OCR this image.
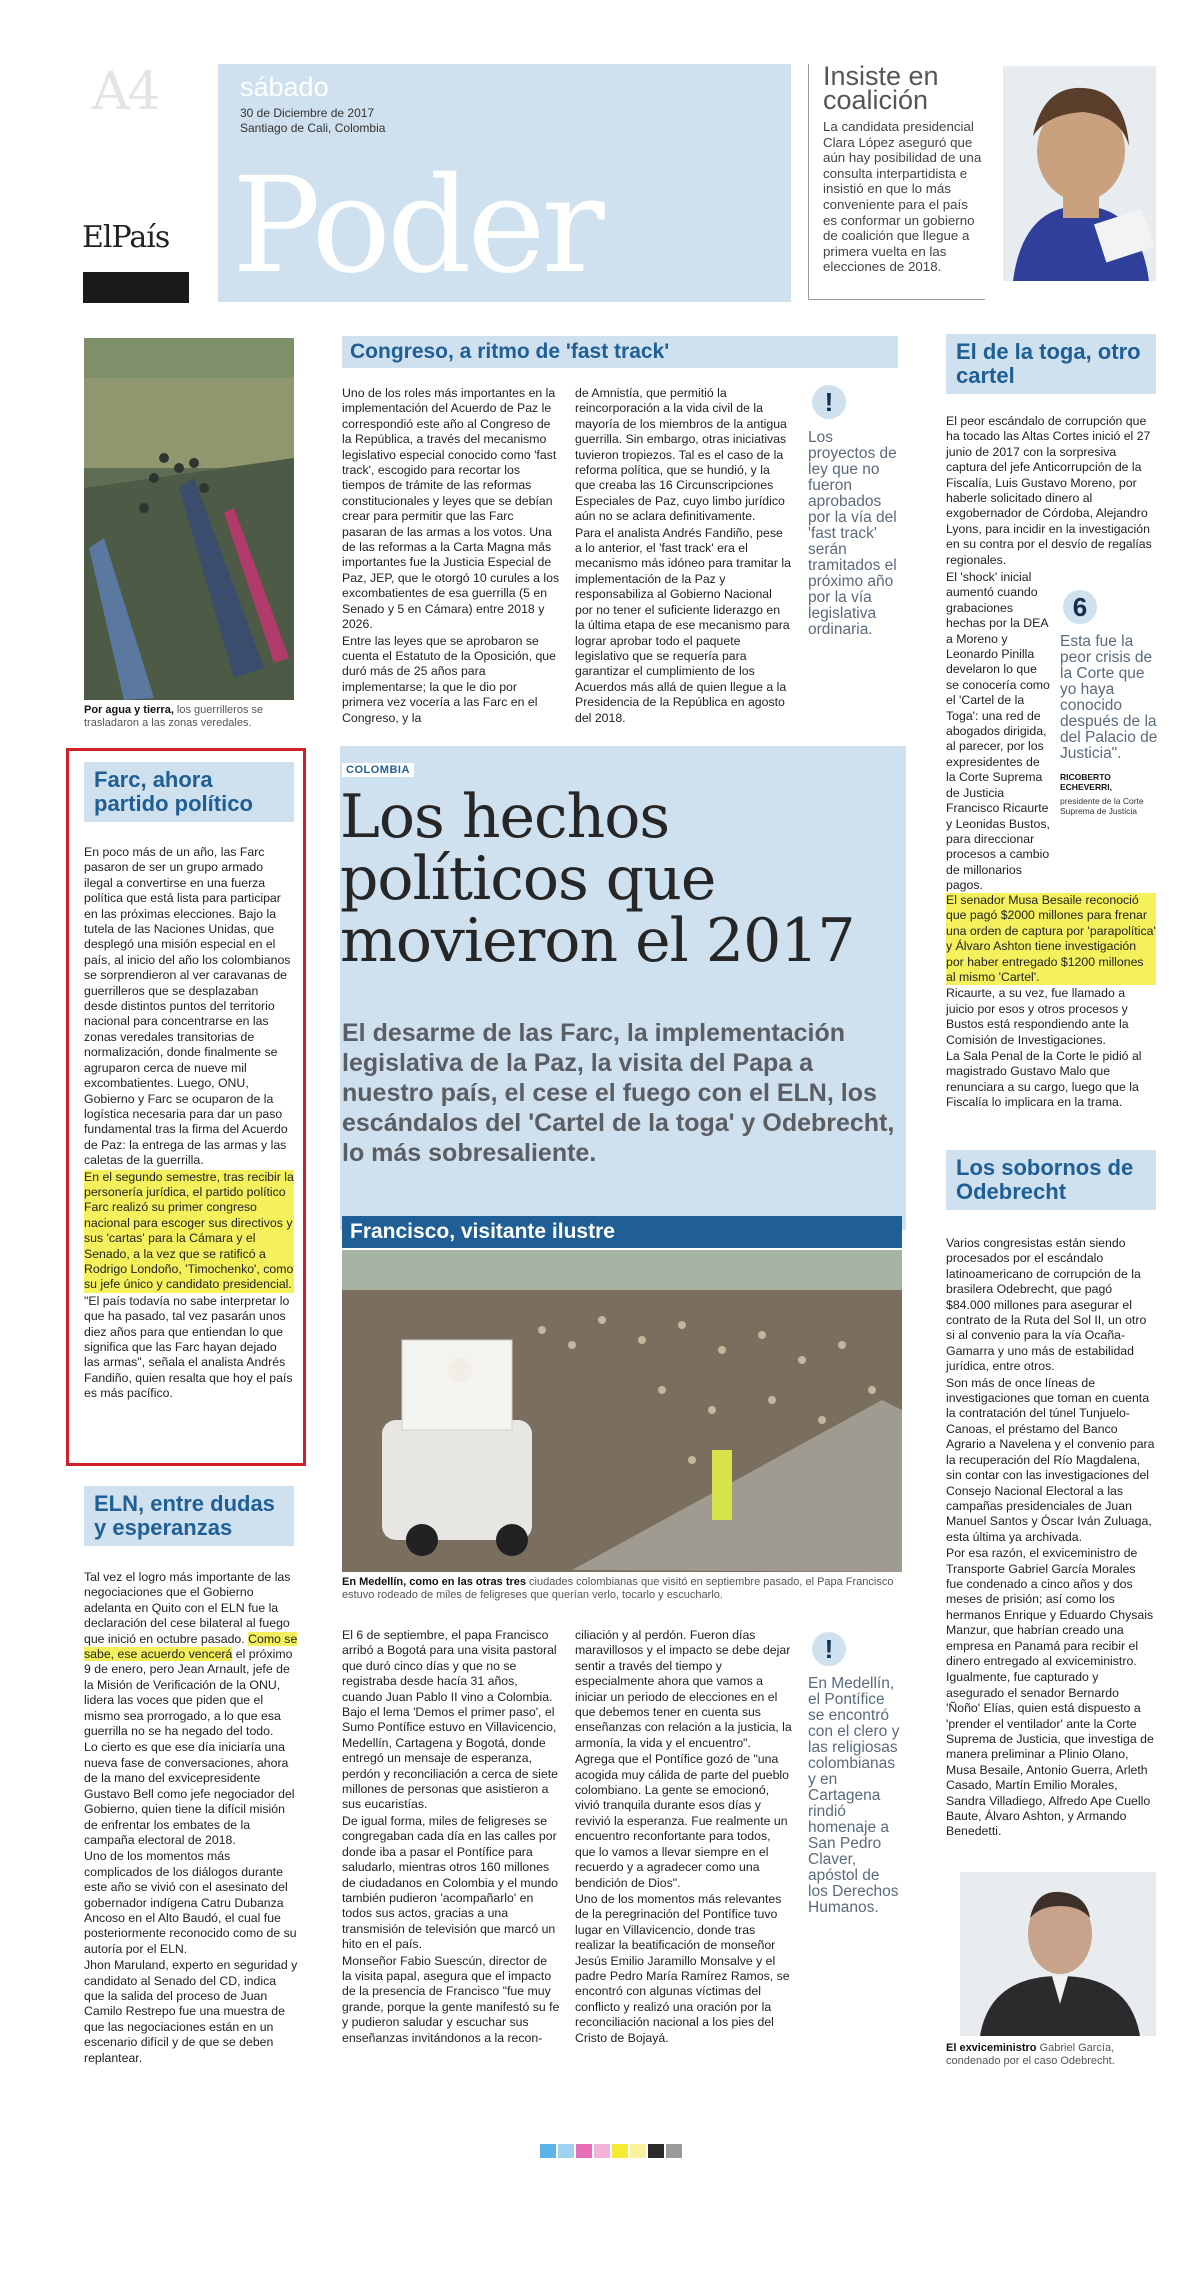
A4
ElPaís
sábado
30 de Diciembre de 2017
Santiago de Cali, Colombia
Poder
Insiste en coalición
La candidata presidencial Clara López aseguró que aún hay posibilidad de una consulta interpartidista e insistió en que lo más conveniente para el país es conformar un gobierno de coalición que llegue a primera vuelta en las elecciones de 2018.
Por agua y tierra, los guerrilleros se trasladaron a las zonas veredales.
Congreso, a ritmo de 'fast track'

Uno de los roles más importantes en la implementación del Acuerdo de Paz le correspondió este año al Congreso de la República, a través del mecanismo legislativo especial conocido como 'fast track', escogido para recortar los tiempos de trámite de las reformas constitucionales y leyes que se debían crear para permitir que las Farc pasaran de las armas a los votos. Una de las reformas a la Carta Magna más importantes fue la Justicia Especial de Paz, JEP, que le otorgó 10 curules a los excombatientes de esa guerrilla (5 en Senado y 5 en Cámara) entre 2018 y 2026.

Entre las leyes que se aprobaron se cuenta el Estatuto de la Oposición, que duró más de 25 años para implementarse; la que le dio por primera vez vocería a las Farc en el Congreso, y la

de Amnistía, que permitió la reincorporación a la vida civil de la mayoría de los miembros de la antigua guerrilla. Sin embargo, otras iniciativas tuvieron tropiezos. Tal es el caso de la reforma política, que se hundió, y la que creaba las 16 Circunscripciones Especiales de Paz, cuyo limbo jurídico aún no se aclara definitivamente.

Para el analista Andrés Fandiño, pese a lo anterior, el 'fast track' era el mecanismo más idóneo para tramitar la implementación de la Paz y responsabiliza al Gobierno Nacional por no tener el suficiente liderazgo en la última etapa de ese mecanismo para lograr aprobar todo el paquete legislativo que se requería para garantizar el cumplimiento de los Acuerdos más allá de quien llegue a la Presidencia de la República en agosto del 2018.

!
Los proyectos de ley que no fueron aprobados por la vía del 'fast track' serán tramitados el próximo año por la vía legislativa ordinaria.
El de la toga, otro cartel

El peor escándalo de corrupción que ha tocado las Altas Cortes inició el 27 junio de 2017 con la sorpresiva captura del jefe Anticorrupción de la Fiscalía, Luis Gustavo Moreno, por haberle solicitado dinero al exgobernador de Córdoba, Alejandro Lyons, para incidir en la investigación en su contra por el desvío de regalías regionales.

El 'shock' inicial aumentó cuando grabaciones hechas por la DEA a Moreno y Leonardo Pinilla develaron lo que se conocería como el 'Cartel de la Toga': una red de abogados dirigida, al parecer, por los expresidentes de la Corte Suprema de Justicia Francisco Ricaurte y Leonidas Bustos, para direccionar procesos a cambio de millonarios pagos.

6
Esta fue la peor crisis de la Corte que yo haya conocido después de la del Palacio de Justicia".
RICOBERTO ECHEVERRI,
presidente de la Corte Suprema de Justicia

El senador Musa Besaile reconoció que pagó $2000 millones para frenar una orden de captura por 'parapolítica' y Álvaro Ashton tiene investigación por haber entregado $1200 millones al mismo 'Cartel'.

Ricaurte, a su vez, fue llamado a juicio por esos y otros procesos y Bustos está respondiendo ante la Comisión de Investigaciones.

La Sala Penal de la Corte le pidió al magistrado Gustavo Malo que renunciara a su cargo, luego que la Fiscalía lo implicara en la trama.

Farc, ahora partido político

En poco más de un año, las Farc pasaron de ser un grupo armado ilegal a convertirse en una fuerza política que está lista para participar en las próximas elecciones. Bajo la tutela de las Naciones Unidas, que desplegó una misión especial en el país, al inicio del año los colombianos se sorprendieron al ver caravanas de guerrilleros que se desplazaban desde distintos puntos del territorio nacional para concentrarse en las zonas veredales transitorias de normalización, donde finalmente se agruparon cerca de nueve mil excombatientes. Luego, ONU, Gobierno y Farc se ocuparon de la logística necesaria para dar un paso fundamental tras la firma del Acuerdo de Paz: la entrega de las armas y las caletas de la guerrilla.

En el segundo semestre, tras recibir la personería jurídica, el partido político Farc realizó su primer congreso nacional para escoger sus directivos y sus 'cartas' para la Cámara y el Senado, a la vez que se ratificó a Rodrigo Londoño, 'Timochenko', como su jefe único y candidato presidencial.

"El país todavía no sabe interpretar lo que ha pasado, tal vez pasarán unos diez años para que entiendan lo que significa que las Farc hayan dejado las armas", señala el analista Andrés Fandiño, quien resalta que hoy el país es más pacífico.

COLOMBIA
Los hechos políticos que movieron el 2017
El desarme de las Farc, la implementación legislativa de la Paz, la visita del Papa a nuestro país, el cese el fuego con el ELN, los escándalos del 'Cartel de la toga' y Odebrecht, lo más sobresaliente.
Francisco, visitante ilustre
En Medellín, como en las otras tres ciudades colombianas que visitó en septiembre pasado, el Papa Francisco estuvo rodeado de miles de feligreses que querían verlo, tocarlo y escucharlo.

El 6 de septiembre, el papa Francisco arribó a Bogotá para una visita pastoral que duró cinco días y que no se registraba desde hacía 31 años, cuando Juan Pablo II vino a Colombia. Bajo el lema 'Demos el primer paso', el Sumo Pontífice estuvo en Villavicencio, Medellín, Cartagena y Bogotá, donde entregó un mensaje de esperanza, perdón y reconciliación a cerca de siete millones de personas que asistieron a sus eucaristías.

De igual forma, miles de feligreses se congregaban cada día en las calles por donde iba a pasar el Pontífice para saludarlo, mientras otros 160 millones de ciudadanos en Colombia y el mundo también pudieron 'acompañarlo' en todos sus actos, gracias a una transmisión de televisión que marcó un hito en el país.

Monseñor Fabio Suescún, director de la visita papal, asegura que el impacto de la presencia de Francisco "fue muy grande, porque la gente manifestó su fe y pudieron saludar y escuchar sus enseñanzas invitándonos a la recon-

ciliación y al perdón. Fueron días maravillosos y el impacto se debe dejar sentir a través del tiempo y especialmente ahora que vamos a iniciar un periodo de elecciones en el que debemos tener en cuenta sus enseñanzas con relación a la justicia, la armonía, la vida y el encuentro".

Agrega que el Pontífice gozó de "una acogida muy cálida de parte del pueblo colombiano. La gente se emocionó, vivió tranquila durante esos días y revivió la esperanza. Fue realmente un encuentro reconfortante para todos, que lo vamos a llevar siempre en el recuerdo y a agradecer como una bendición de Dios".

Uno de los momentos más relevantes de la peregrinación del Pontífice tuvo lugar en Villavicencio, donde tras realizar la beatificación de monseñor Jesús Emilio Jaramillo Monsalve y el padre Pedro María Ramírez Ramos, se encontró con algunas víctimas del conflicto y realizó una oración por la reconciliación nacional a los pies del Cristo de Bojayá.

!
En Medellín, el Pontífice se encontró con el clero y las religiosas colombianas y en Cartagena rindió homenaje a San Pedro Claver, apóstol de los Derechos Humanos.
ELN, entre dudas y esperanzas

Tal vez el logro más importante de las negociaciones que el Gobierno adelanta en Quito con el ELN fue la declaración del cese bilateral al fuego que inició en octubre pasado. Como se sabe, ese acuerdo vencerá el próximo 9 de enero, pero Jean Arnault, jefe de la Misión de Verificación de la ONU, lidera las voces que piden que el mismo sea prorrogado, a lo que esa guerrilla no se ha negado del todo.

Lo cierto es que ese día iniciaría una nueva fase de conversaciones, ahora de la mano del exvicepresidente Gustavo Bell como jefe negociador del Gobierno, quien tiene la difícil misión de enfrentar los embates de la campaña electoral de 2018.

Uno de los momentos más complicados de los diálogos durante este año se vivió con el asesinato del gobernador indígena Catru Dubanza Ancoso en el Alto Baudó, el cual fue posteriormente reconocido como de su autoría por el ELN.

Jhon Maruland, experto en seguridad y candidato al Senado del CD, indica que la salida del proceso de Juan Camilo Restrepo fue una muestra de que las negociaciones están en un escenario difícil y de que se deben replantear.

Los sobornos de Odebrecht

Varios congresistas están siendo procesados por el escándalo latinoamericano de corrupción de la brasilera Odebrecht, que pagó $84.000 millones para asegurar el contrato de la Ruta del Sol II, un otro si al convenio para la vía Ocaña-Gamarra y uno más de estabilidad jurídica, entre otros.

Son más de once líneas de investigaciones que toman en cuenta la contratación del túnel Tunjuelo-Canoas, el préstamo del Banco Agrario a Navelena y el convenio para la recuperación del Río Magdalena, sin contar con las investigaciones del Consejo Nacional Electoral a las campañas presidenciales de Juan Manuel Santos y Óscar Iván Zuluaga, esta última ya archivada.

Por esa razón, el exviceministro de Transporte Gabriel García Morales fue condenado a cinco años y dos meses de prisión; así como los hermanos Enrique y Eduardo Chysais Manzur, que habrían creado una empresa en Panamá para recibir el dinero entregado al exviceministro.

Igualmente, fue capturado y asegurado el senador Bernardo 'Ñoño' Elías, quien está dispuesto a 'prender el ventilador' ante la Corte Suprema de Justicia, que investiga de manera preliminar a Plinio Olano, Musa Besaile, Antonio Guerra, Arleth Casado, Martín Emilio Morales, Sandra Villadiego, Alfredo Ape Cuello Baute, Álvaro Ashton, y Armando Benedetti.

El exviceministro Gabriel García, condenado por el caso Odebrecht.
